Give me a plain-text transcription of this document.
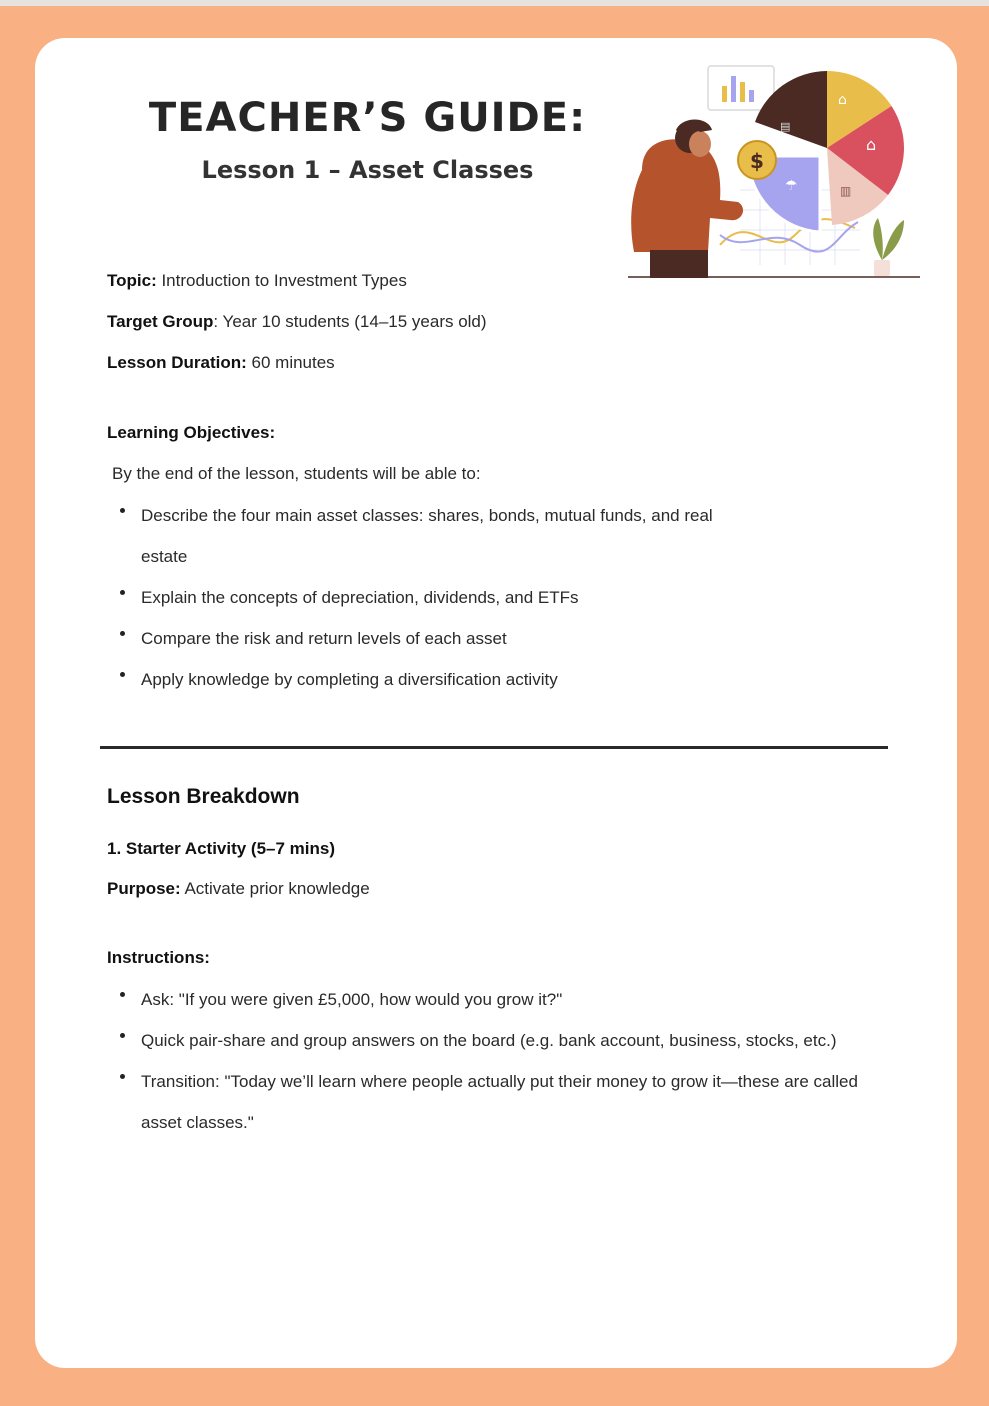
TEACHER’S GUIDE:
Lesson 1 – Asset Classes
⌂
⌂
▥
▤
☂
$
Topic: Introduction to Investment Types
Target Group: Year 10 students (14–15 years old)
Lesson Duration: 60 minutes
Learning Objectives:
By the end of the lesson, students will be able to:
Describe the four main asset classes: shares, bonds, mutual funds, and real estate
Explain the concepts of depreciation, dividends, and ETFs
Compare the risk and return levels of each asset
Apply knowledge by completing a diversification activity
Lesson Breakdown
1. Starter Activity (5–7 mins)
Purpose: Activate prior knowledge
Instructions:
Ask: "If you were given £5,000, how would you grow it?"
Quick pair-share and group answers on the board (e.g. bank account, business, stocks, etc.)
Transition: "Today we’ll learn where people actually put their money to grow it—these are called asset classes."
